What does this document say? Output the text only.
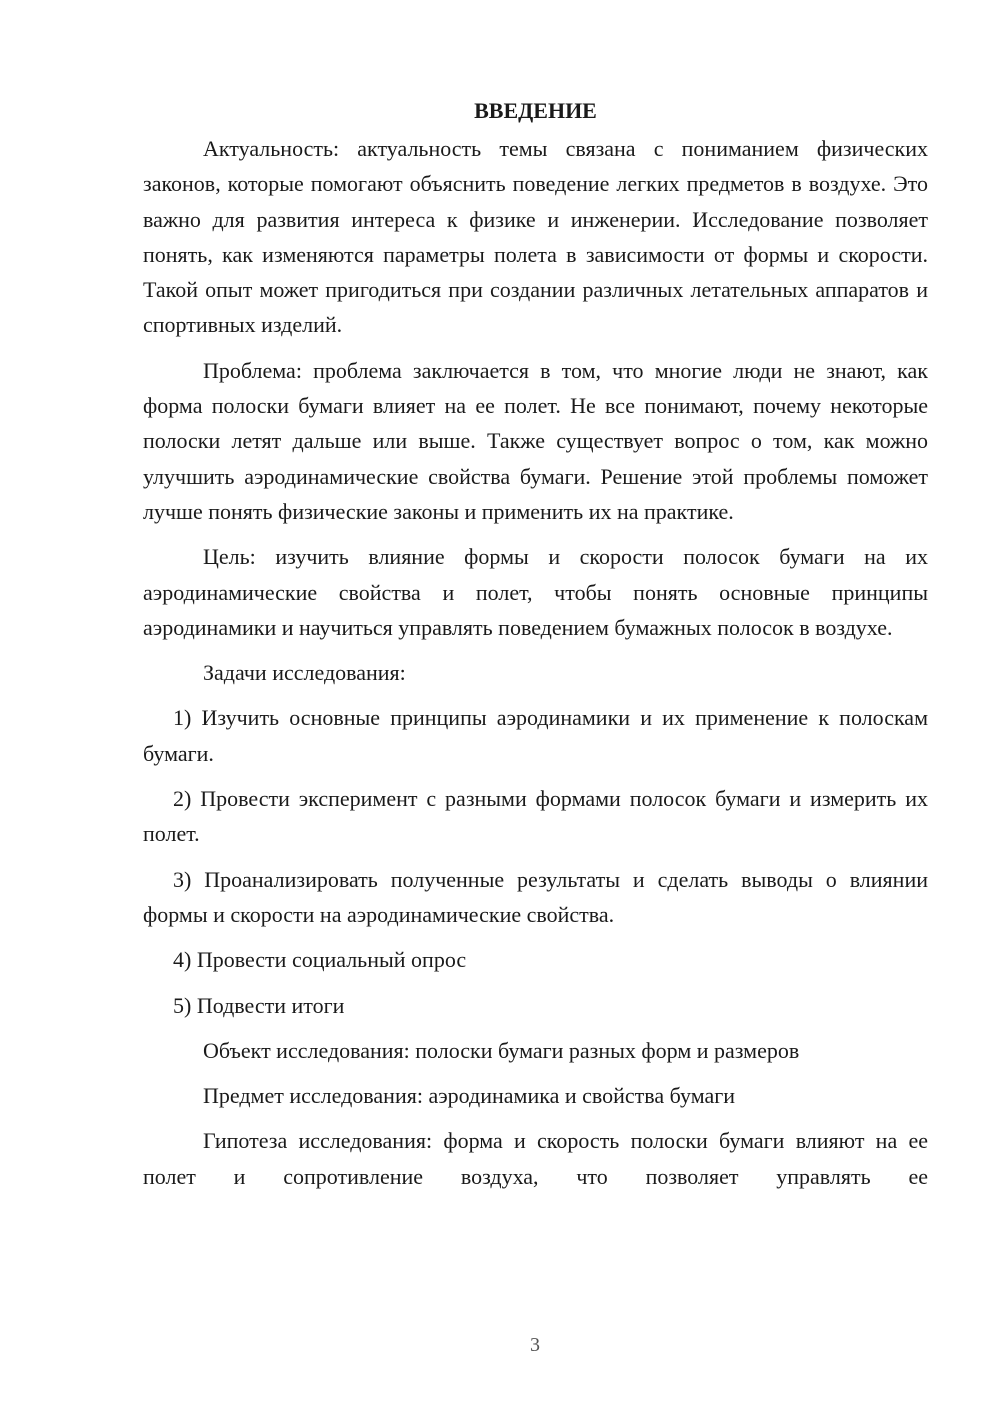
ВВЕДЕНИЕ

Актуальность: актуальность темы связана с пониманием физических законов, которые помогают объяснить поведение легких предметов в воздухе. Это важно для развития интереса к физике и инженерии. Исследование позволяет понять, как изменяются параметры полета в зависимости от формы и скорости. Такой опыт может пригодиться при создании различных летательных аппаратов и спортивных изделий.

Проблема: проблема заключается в том, что многие люди не знают, как форма полоски бумаги влияет на ее полет. Не все понимают, почему некоторые полоски летят дальше или выше. Также существует вопрос о том, как можно улучшить аэродинамические свойства бумаги. Решение этой проблемы поможет лучше понять физические законы и применить их на практике.

Цель: изучить влияние формы и скорости полосок бумаги на их аэродинамические свойства и полет, чтобы понять основные принципы аэродинамики и научиться управлять поведением бумажных полосок в воздухе.

Задачи исследования:

1) Изучить основные принципы аэродинамики и их применение к полоскам бумаги.

2) Провести эксперимент с разными формами полосок бумаги и измерить их полет.

3) Проанализировать полученные результаты и сделать выводы о влиянии формы и скорости на аэродинамические свойства.

4) Провести социальный опрос

5) Подвести итоги

Объект исследования: полоски бумаги разных форм и размеров

Предмет исследования: аэродинамика и свойства бумаги

Гипотеза исследования: форма и скорость полоски бумаги влияют на ее полет и сопротивление воздуха, что позволяет управлять ее

3
